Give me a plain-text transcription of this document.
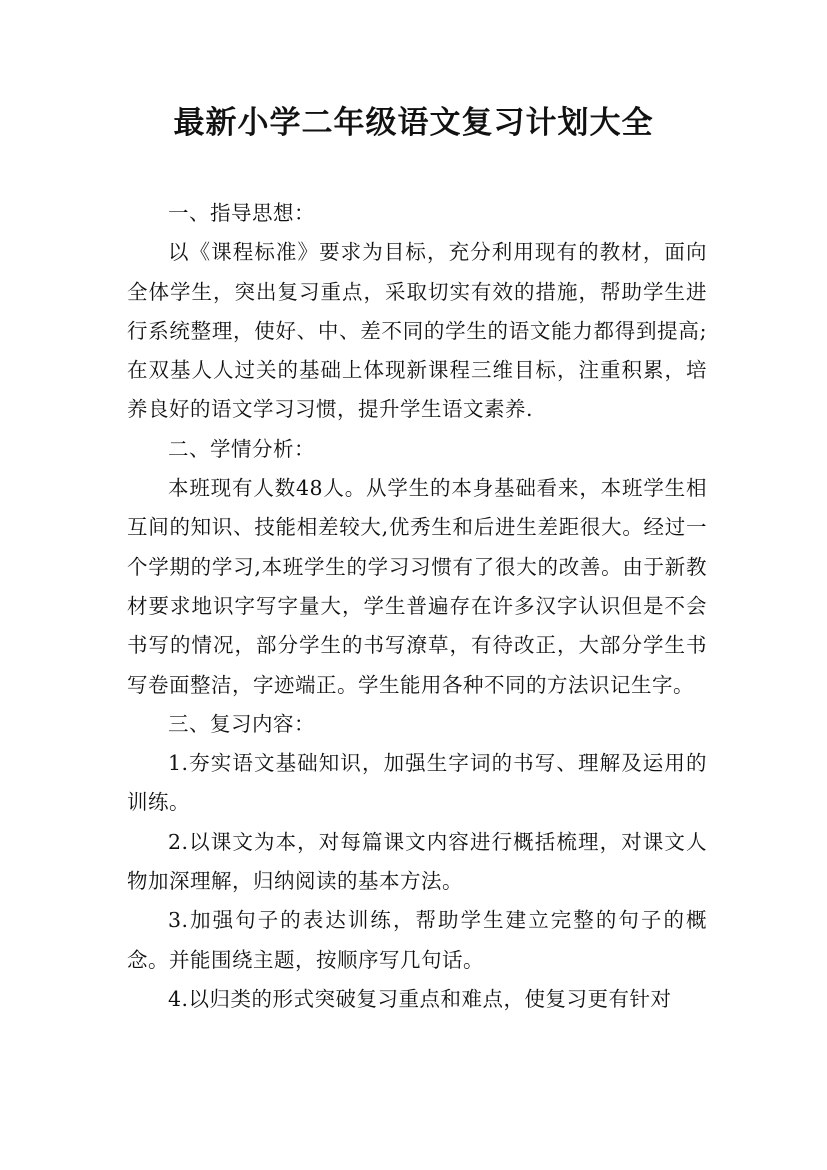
最新小学二年级语文复习计划大全

一、指导思想：

以《课程标准》要求为目标，充分利用现有的教材，面向全体学生，突出复习重点，采取切实有效的措施，帮助学生进行系统整理，使好、中、差不同的学生的语文能力都得到提高;在双基人人过关的基础上体现新课程三维目标，注重积累，培养良好的语文学习习惯，提升学生语文素养.

二、学情分析：

本班现有人数48人。从学生的本身基础看来，本班学生相互间的知识、技能相差较大,优秀生和后进生差距很大。经过一个学期的学习,本班学生的学习习惯有了很大的改善。由于新教材要求地识字写字量大，学生普遍存在许多汉字认识但是不会书写的情况，部分学生的书写潦草，有待改正，大部分学生书写卷面整洁，字迹端正。学生能用各种不同的方法识记生字。

三、复习内容：

1.夯实语文基础知识，加强生字词的书写、理解及运用的训练。

2.以课文为本，对每篇课文内容进行概括梳理，对课文人物加深理解，归纳阅读的基本方法。

3.加强句子的表达训练，帮助学生建立完整的句子的概念。并能围绕主题，按顺序写几句话。

4.以归类的形式突破复习重点和难点，使复习更有针对
